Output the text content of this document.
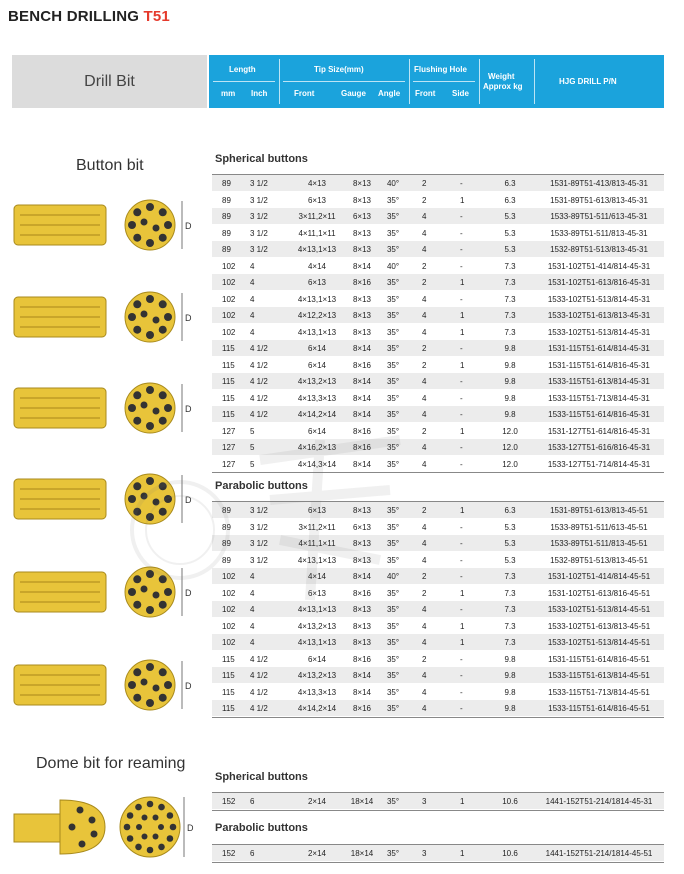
BENCH DRILLING T51
Drill Bit
Length
mm Inch
Tip Size(mm)
Front	Gauge Angle
Flushing Hole
Front Side
Weight
Approx kg
HJG DRILL P/N
Button bit
Dome bit for reaming
Spherical buttons
Parabolic buttons
Spherical buttons
Parabolic buttons
89 3 1/2	4×13	8×13	40°	2	-	6.3	1531-89T51-413/813-45-31
89 3 1/2	6×13	8×13	35°	2	1	6.3	1531-89T51-613/813-45-31
89 3 1/2	3×11,2×11	6×13	35°	4	-	5.3	1533-89T51-511/613-45-31
89 3 1/2	4×11,1×11	8×13	35°	4	-	5.3	1533-89T51-511/813-45-31
89 3 1/2	4×13,1×13	8×13	35°	4	-	5.3	1532-89T51-513/813-45-31
102 4	4×14	8×14	40°	2	-	7.3	1531-102T51-414/814-45-31
102 4	6×13	8×16	35°	2	1	7.3	1531-102T51-613/816-45-31
102 4	4×13,1×13	8×13	35°	4	-	7.3	1533-102T51-513/814-45-31
102 4	4×12,2×13	8×13	35°	4	1	7.3	1533-102T51-613/813-45-31
102 4	4×13,1×13	8×13	35°	4	1	7.3	1533-102T51-513/814-45-31
115 4 1/2	6×14	8×14	35°	2	-	9.8	1531-115T51-614/814-45-31
115 4 1/2	6×14	8×16	35°	2	1	9.8	1531-115T51-614/816-45-31
115 4 1/2	4×13,2×13	8×14	35°	4	-	9.8	1533-115T51-613/814-45-31
115 4 1/2	4×13,3×13	8×14	35°	4	-	9.8	1533-115T51-713/814-45-31
115 4 1/2	4×14,2×14	8×14	35°	4	-	9.8	1533-115T51-614/816-45-31
127 5	6×14	8×16	35°	2	1	12.0	1531-127T51-614/816-45-31
127 5	4×16,2×13	8×16	35°	4	-	12.0	1533-127T51-616/816-45-31
127 5	4×14,3×14	8×14	35°	4	-	12.0	1533-127T51-714/814-45-31
89 3 1/2	6×13	8×13	35°	2	1	6.3	1531-89T51-613/813-45-51
89 3 1/2	3×11,2×11	6×13	35°	4	-	5.3	1533-89T51-511/613-45-51
89 3 1/2	4×11,1×11	8×13	35°	4	-	5.3	1533-89T51-511/813-45-51
89 3 1/2	4×13,1×13	8×13	35°	4	-	5.3	1532-89T51-513/813-45-51
102 4	4×14	8×14	40°	2	-	7.3	1531-102T51-414/814-45-51
102 4	6×13	8×16	35°	2	1	7.3	1531-102T51-613/816-45-51
102 4	4×13,1×13	8×13	35°	4	-	7.3	1533-102T51-513/814-45-51
102 4	4×13,2×13	8×13	35°	4	1	7.3	1533-102T51-613/813-45-51
102 4	4×13,1×13	8×13	35°	4	1	7.3	1533-102T51-513/814-45-51
115 4 1/2	6×14	8×16	35°	2	-	9.8	1531-115T51-614/816-45-51
115 4 1/2	4×13,2×13	8×14	35°	4	-	9.8	1533-115T51-613/814-45-51
115 4 1/2	4×13,3×13	8×14	35°	4	-	9.8	1533-115T51-713/814-45-51
115 4 1/2	4×14,2×14	8×16	35°	4	-	9.8	1533-115T51-614/816-45-51
152 6	2×14	18×14	35°	3	1	10.6	1441-152T51-214/1814-45-31
152 6	2×14	18×14	35°	3	1	10.6	1441-152T51-214/1814-45-51
D
D
D
D
D
D
D
